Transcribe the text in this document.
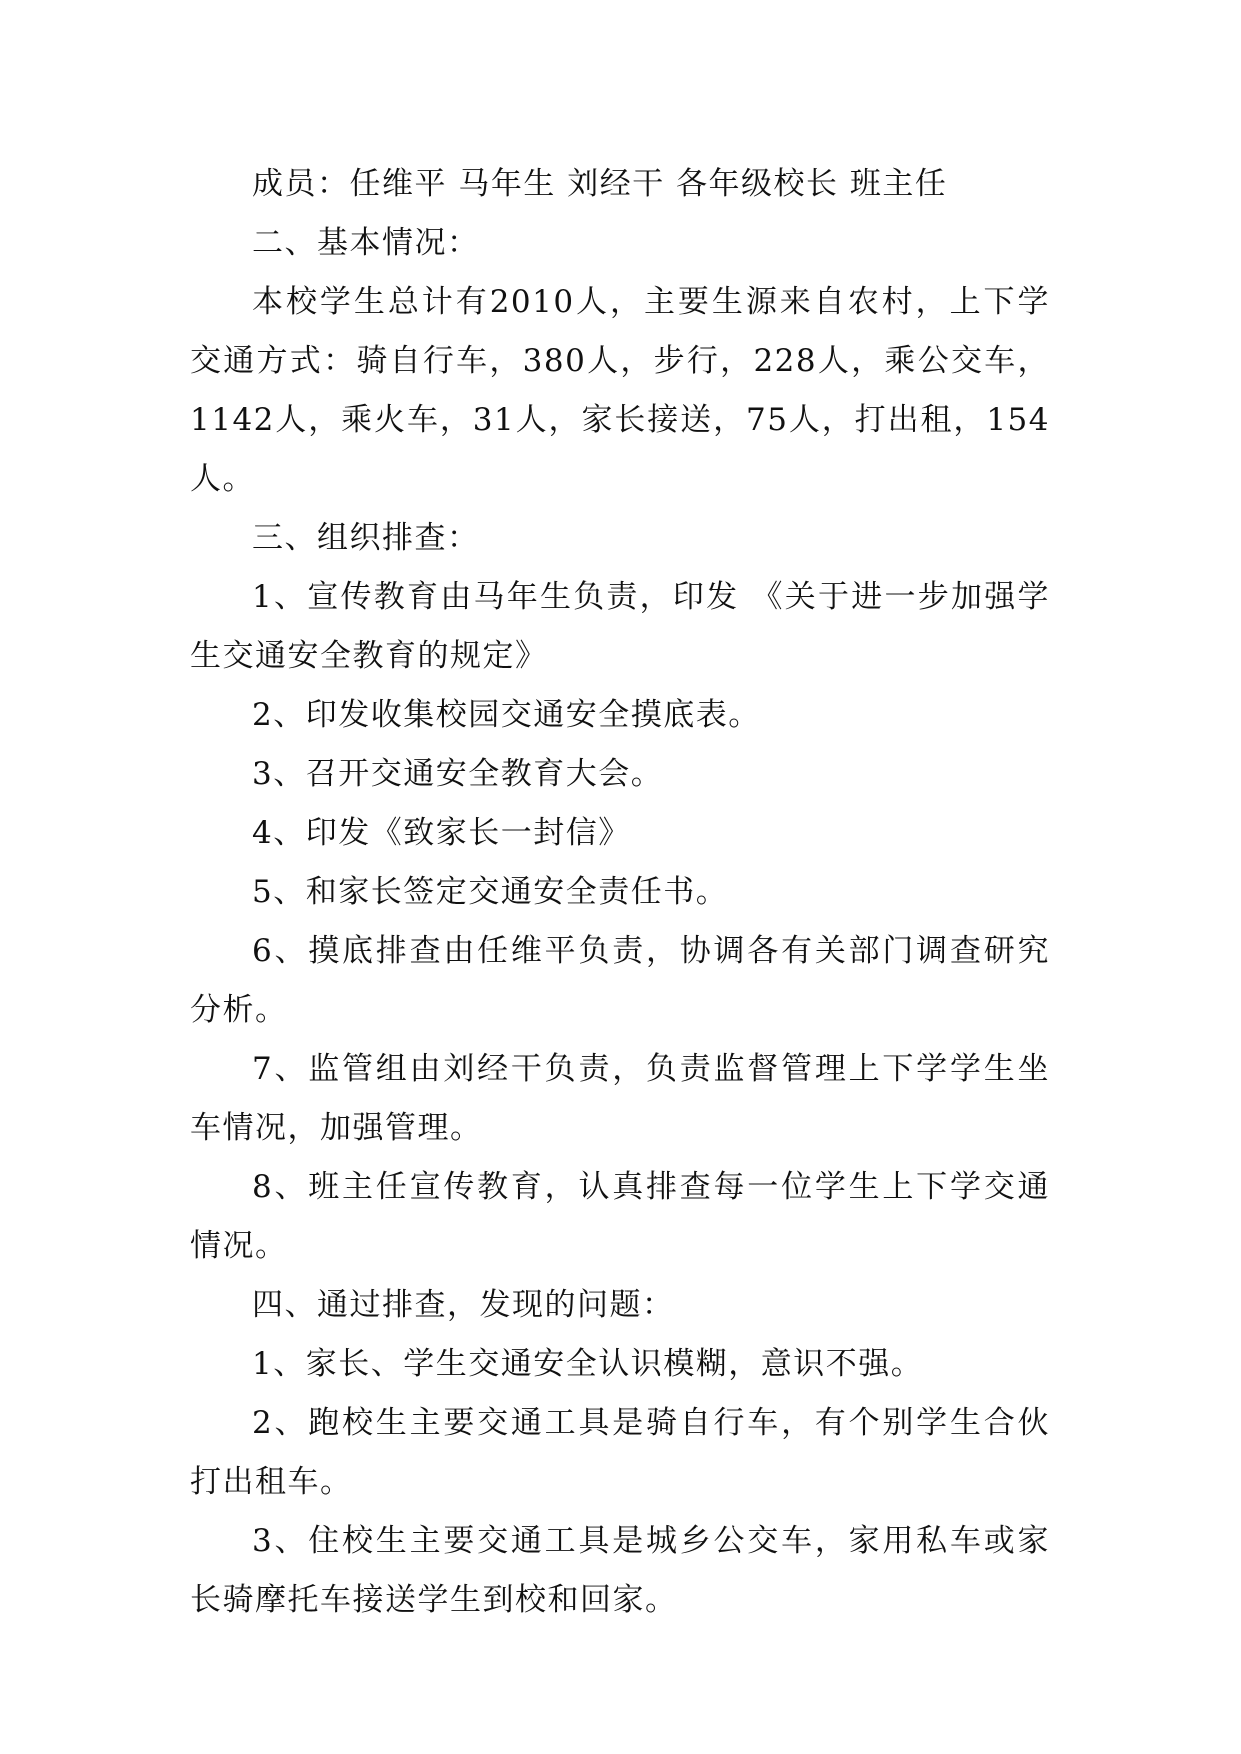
成员：任维平 马年生 刘经干 各年级校长 班主任

二、基本情况：

本校学生总计有2010人，主要生源来自农村，上下学交通方式：骑自行车，380人，步行，228人，乘公交车，1142人，乘火车，31人，家长接送，75人，打出租，154人。

三、组织排查：

1、宣传教育由马年生负责，印发 《关于进一步加强学生交通安全教育的规定》

2、印发收集校园交通安全摸底表。

3、召开交通安全教育大会。

4、印发《致家长一封信》

5、和家长签定交通安全责任书。

6、摸底排查由任维平负责，协调各有关部门调查研究分析。

7、监管组由刘经干负责，负责监督管理上下学学生坐车情况，加强管理。

8、班主任宣传教育，认真排查每一位学生上下学交通情况。

四、通过排查，发现的问题：

1、家长、学生交通安全认识模糊，意识不强。

2、跑校生主要交通工具是骑自行车，有个别学生合伙打出租车。

3、住校生主要交通工具是城乡公交车，家用私车或家长骑摩托车接送学生到校和回家。
